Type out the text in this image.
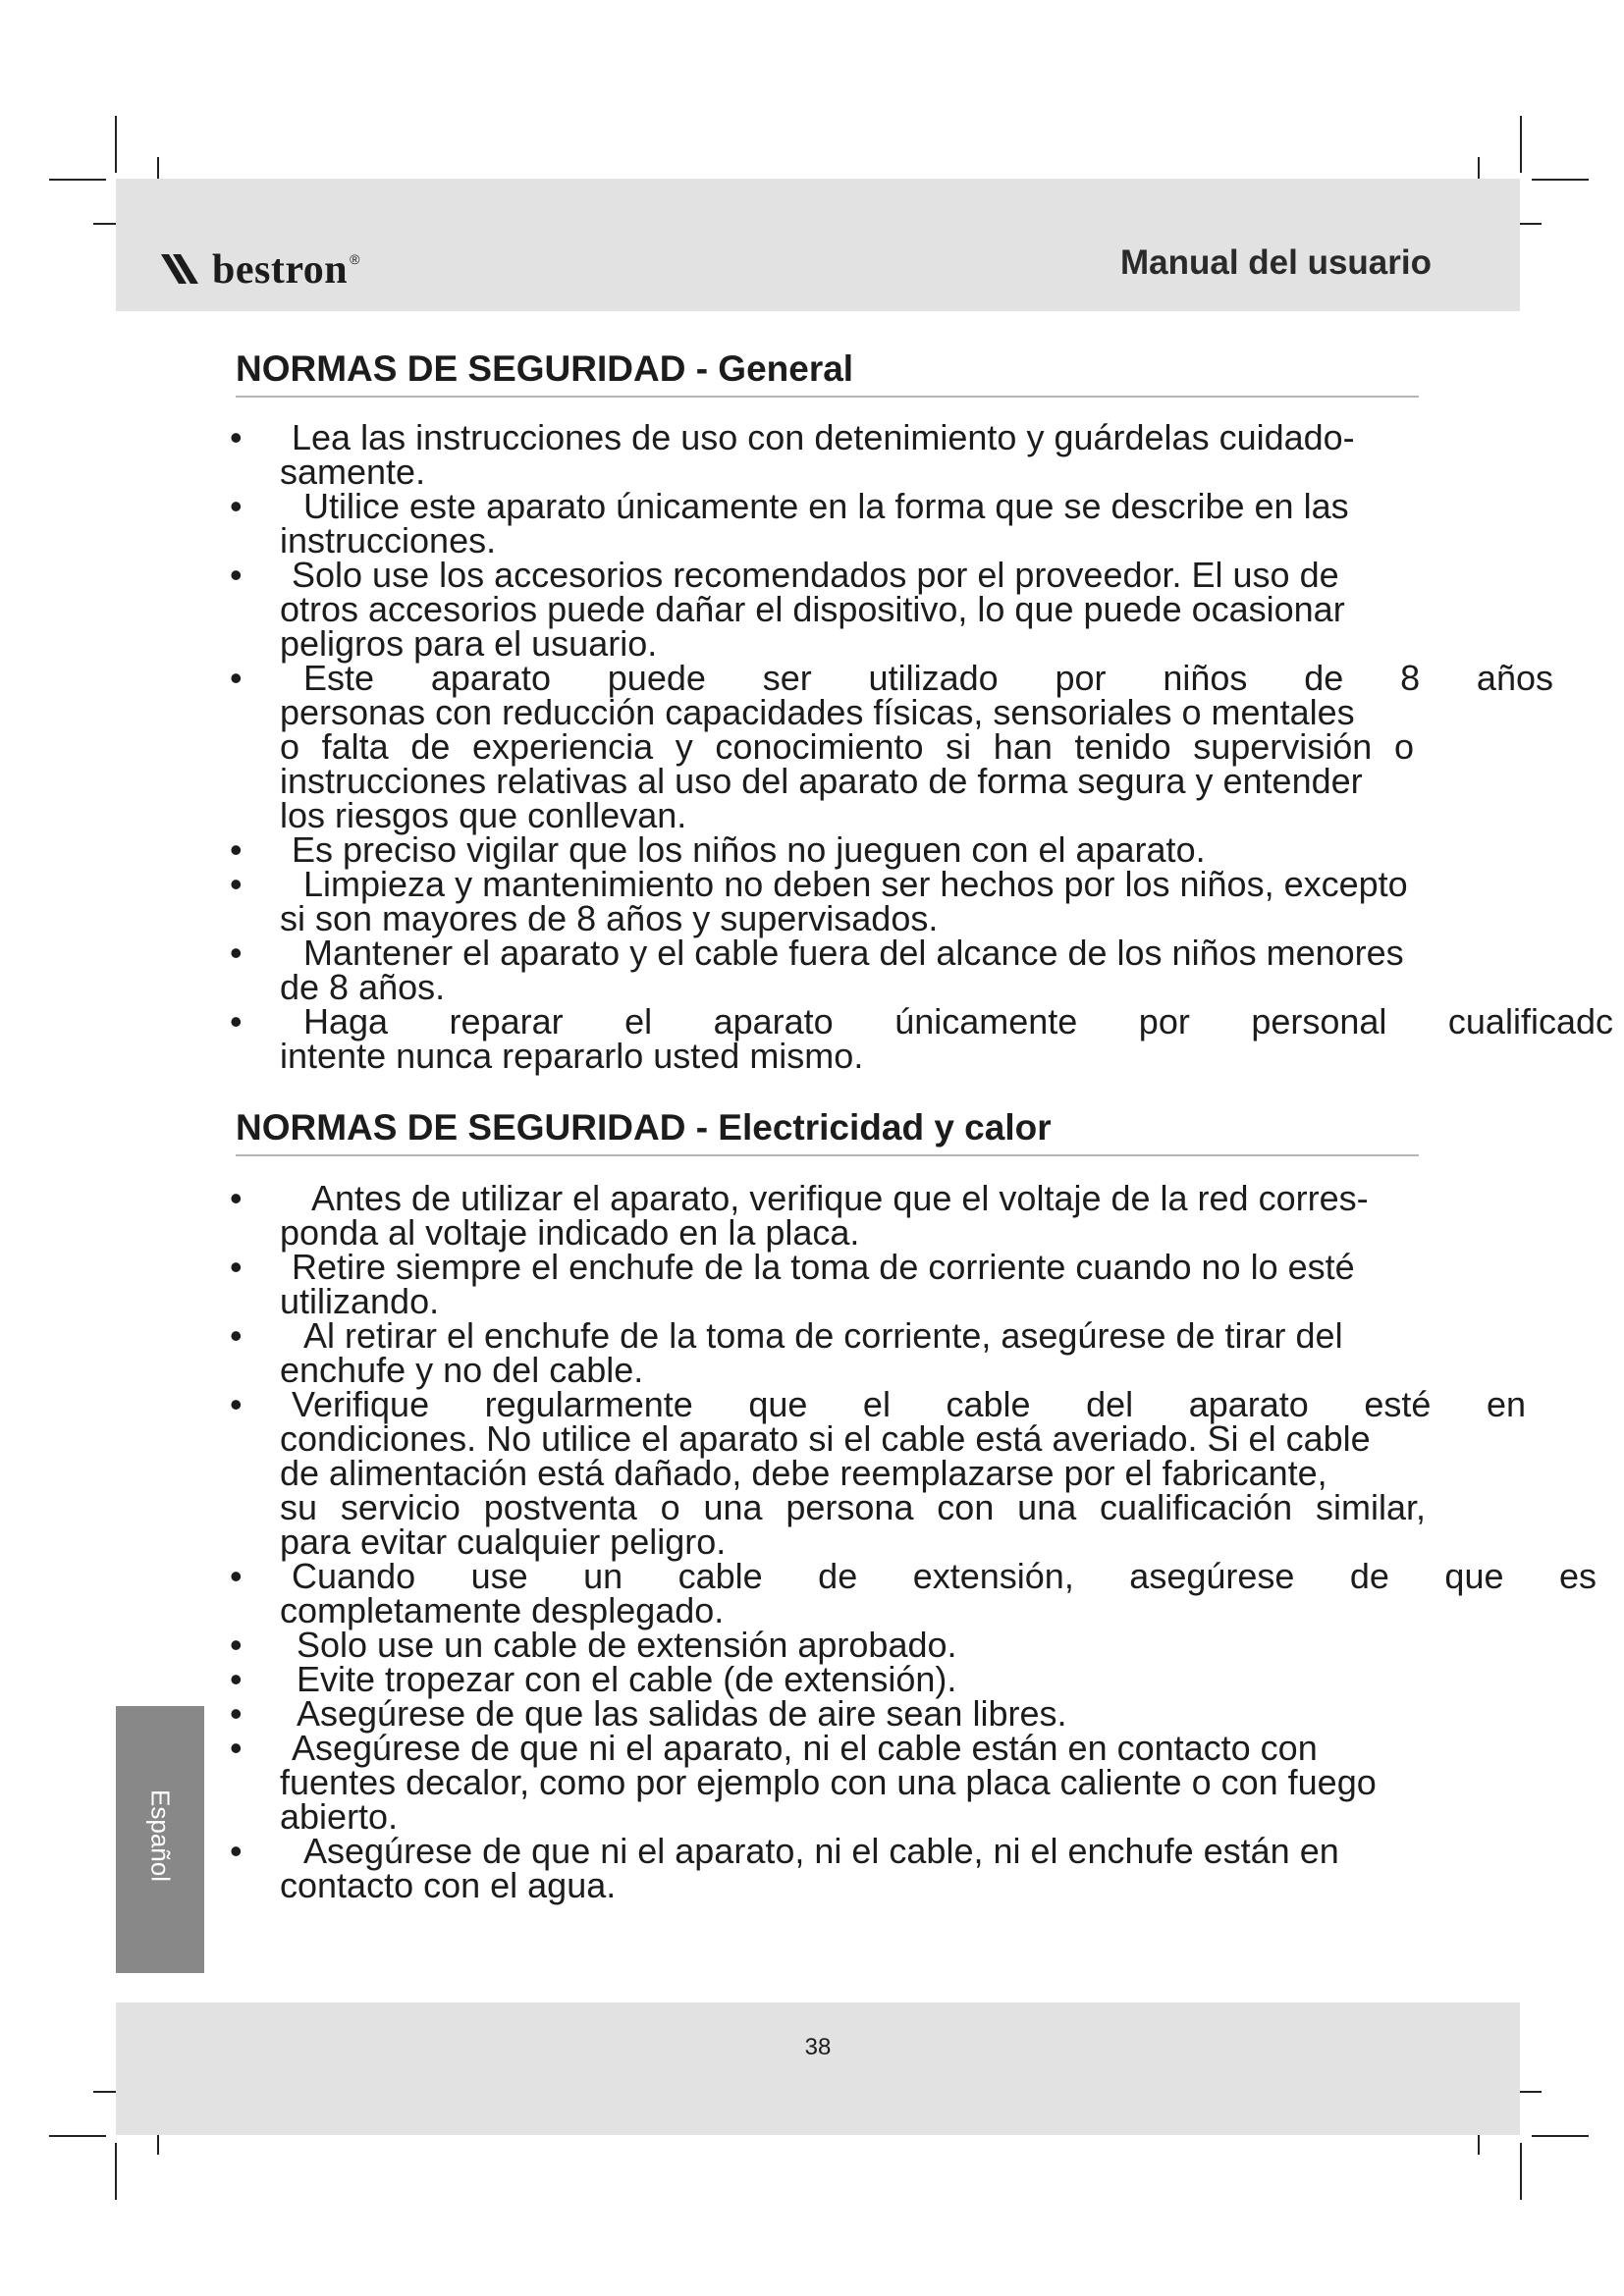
bestron ®	Manual del usuario
NORMAS DE SEGURIDAD - General
•	Lea las instrucciones de uso con detenimiento y guárdelas cuidado-
samente.
•	Utilice este aparato únicamente en la forma que se describe en las
instrucciones.
•	Solo use los accesorios recomendados por el proveedor. El uso de
otros accesorios puede dañar el dispositivo, lo que puede ocasionar
peligros para el usuario.
•	Este aparato puede ser utilizado por niños de 8 años
personas con reducción capacidades físicas, sensoriales o mentales
o falta de experiencia y conocimiento si han tenido supervisión o
instrucciones relativas al uso del aparato de forma segura y entender
los riesgos que conllevan.
•	Es preciso vigilar que los niños no jueguen con el aparato.
•	Limpieza y mantenimiento no deben ser hechos por los niños, excepto
si son mayores de 8 años y supervisados.
•	Mantener el aparato y el cable fuera del alcance de los niños menores
de 8 años.
•	Haga reparar el aparato únicamente por personal cualificadc
intente nunca repararlo usted mismo.
NORMAS DE SEGURIDAD - Electricidad y calor
•	Antes de utilizar el aparato, verifique que el voltaje de la red corres-
ponda al voltaje indicado en la placa.
•	Retire siempre el enchufe de la toma de corriente cuando no lo esté
utilizando.
•	Al retirar el enchufe de la toma de corriente, asegúrese de tirar del
enchufe y no del cable.
•	Verifique regularmente que el cable del aparato esté en
condiciones. No utilice el aparato si el cable está averiado. Si el cable
de alimentación está dañado, debe reemplazarse por el fabricante,
su servicio postventa o una persona con una cualificación similar,
para evitar cualquier peligro.
•	Cuando use un cable de extensión, asegúrese de que es
completamente desplegado.
• Solo use un cable de extensión aprobado.
• Evite tropezar con el cable (de extensión).
• Asegúrese de que las salidas de aire sean libres.
•	Asegúrese de que ni el aparato, ni el cable están en contacto con
fuentes decalor, como por ejemplo con una placa caliente o con fuego
abierto.
•	Asegúrese de que ni el aparato, ni el cable, ni el enchufe están en
contacto con el agua.
Español
38
